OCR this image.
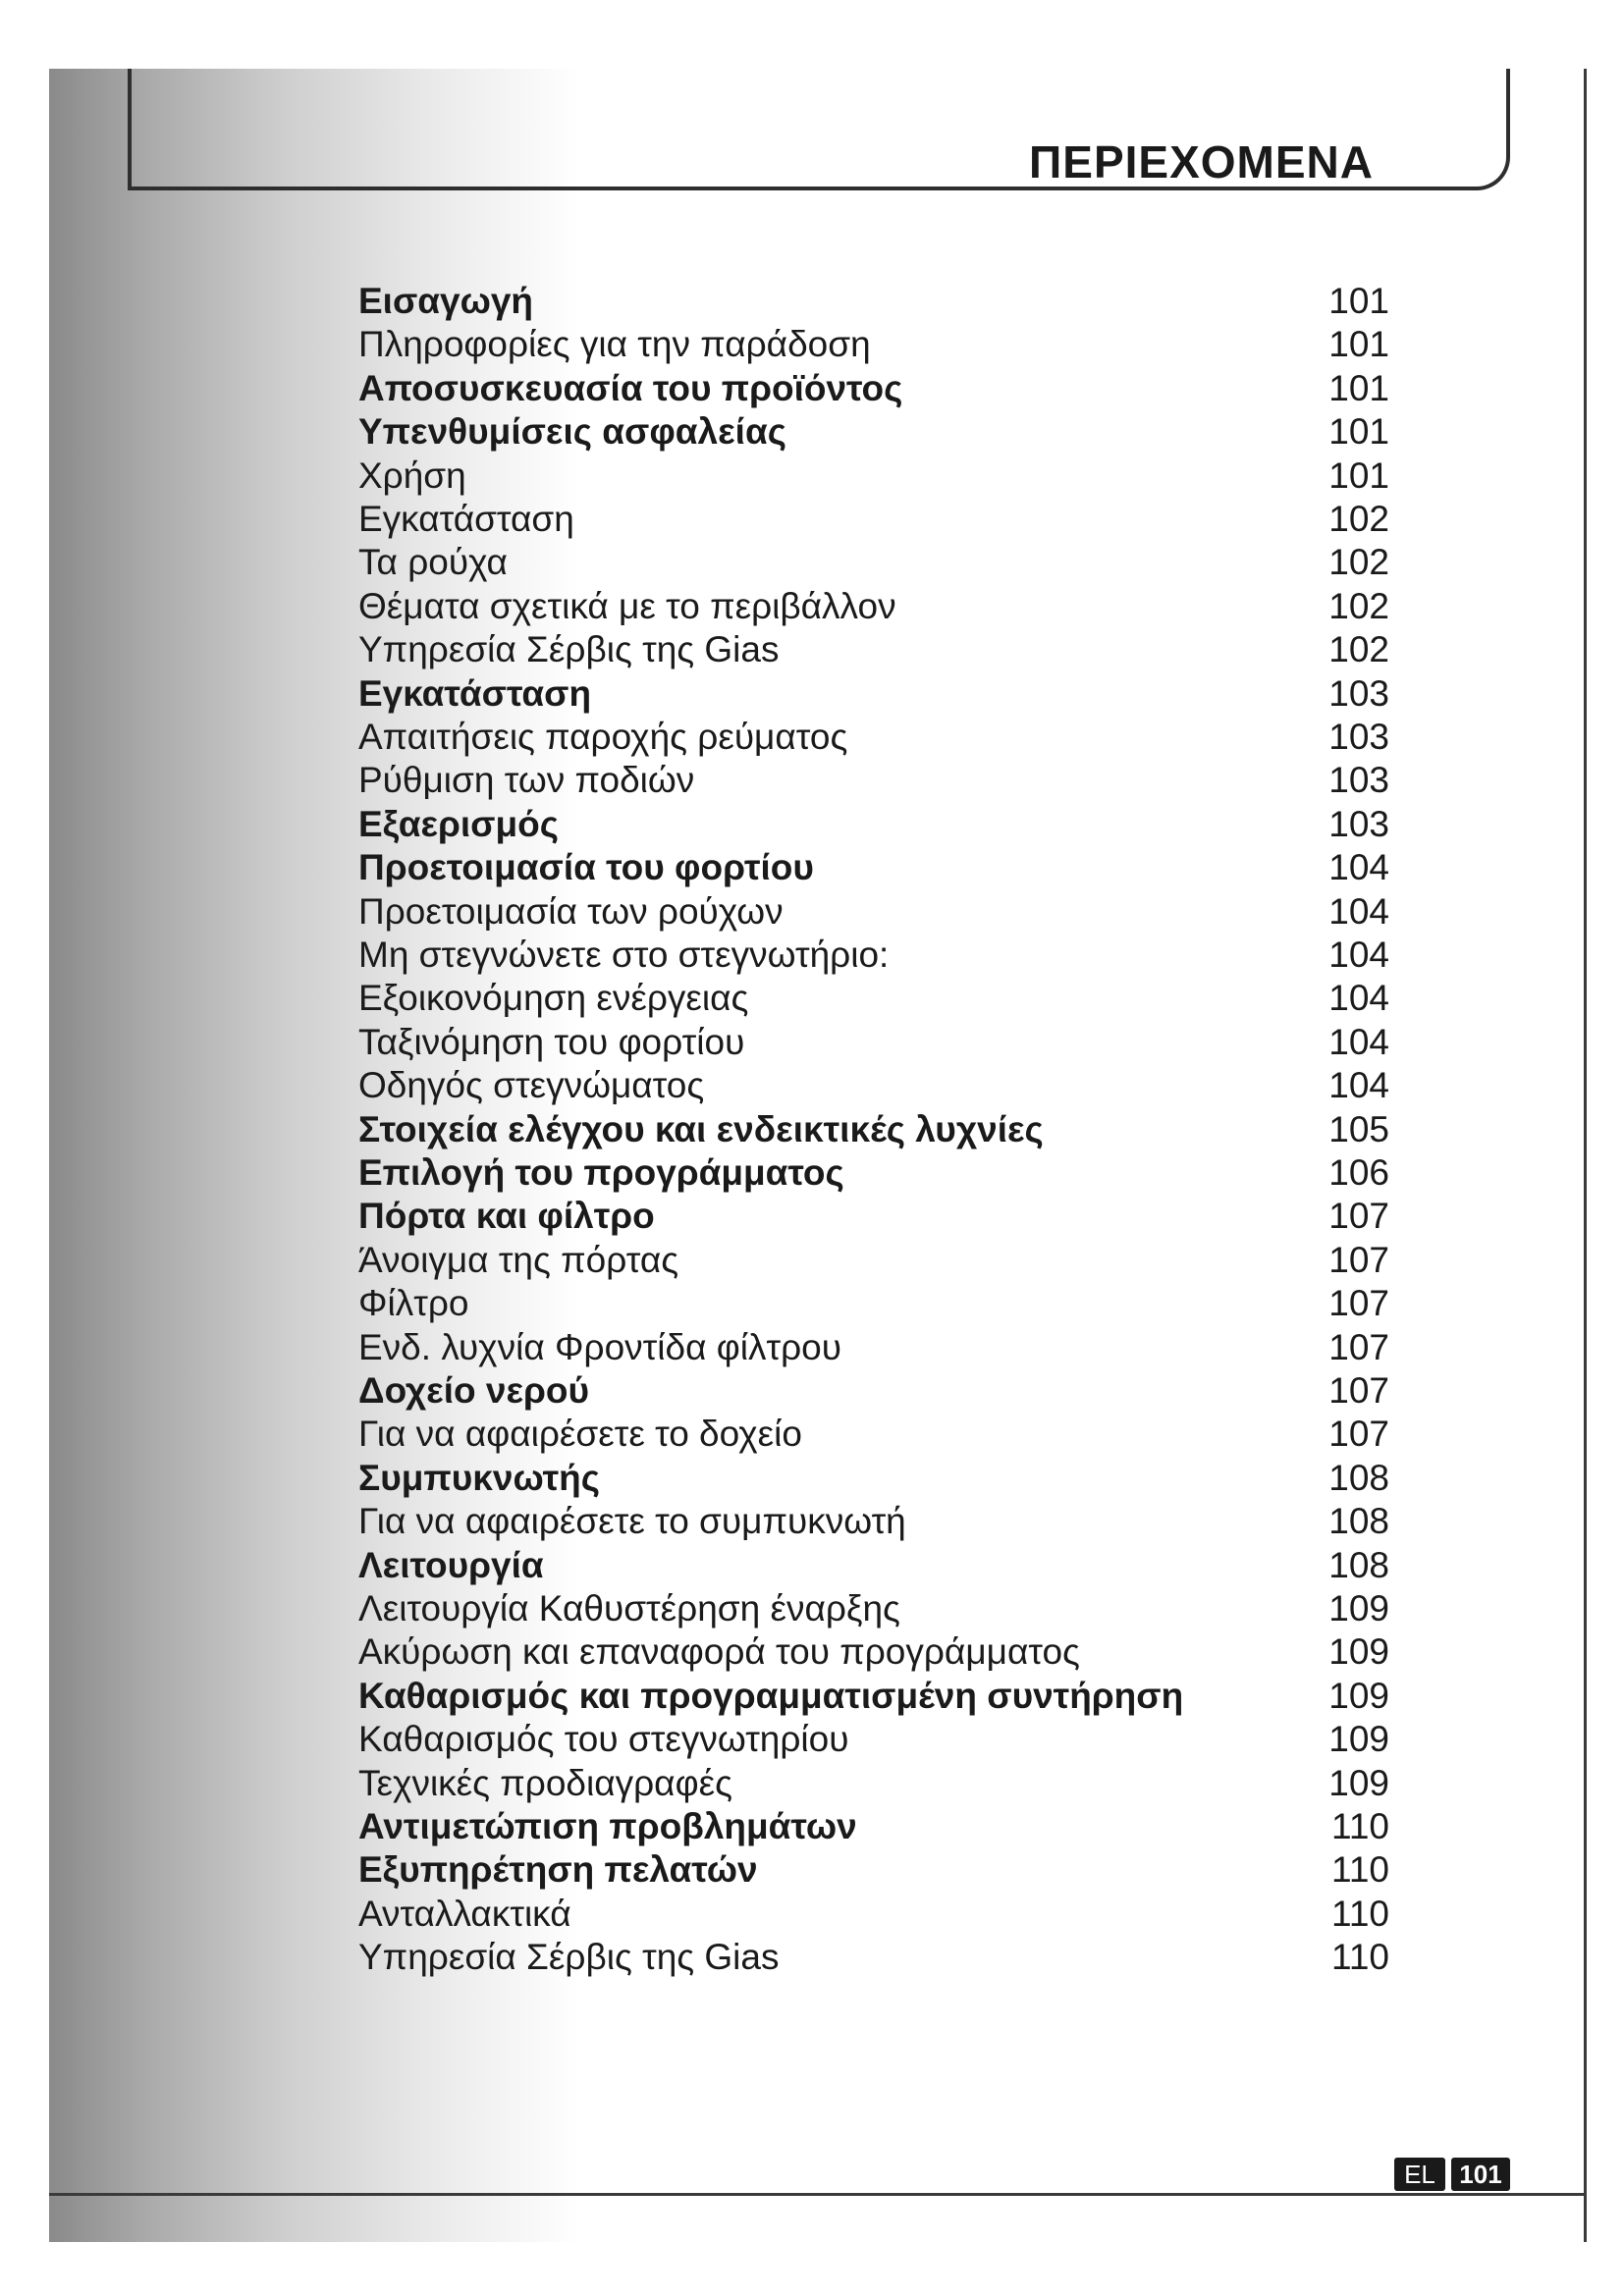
ΠΕΡΙΕΧΟΜΕΝΑ
Εισαγωγή	101
Πληροφορίες για την παράδοση	101
Αποσυσκευασία του προϊόντος	101
Υπενθυμίσεις ασφαλείας	101
Χρήση	101
Εγκατάσταση	102
Τα ρούχα	102
Θέματα σχετικά με το περιβάλλον	102
Υπηρεσία Σέρβις της Gias	102
Εγκατάσταση	103
Απαιτήσεις παροχής ρεύματος	103
Ρύθμιση των ποδιών	103
Εξαερισμός	103
Προετοιμασία του φορτίου	104
Προετοιμασία των ρούχων	104
Μη στεγνώνετε στο στεγνωτήριο:	104
Εξοικονόμηση ενέργειας	104
Ταξινόμηση του φορτίου	104
Οδηγός στεγνώματος	104
Στοιχεία ελέγχου και ενδεικτικές λυχνίες	105
Επιλογή του προγράμματος	106
Πόρτα και φίλτρο	107
Άνοιγμα της πόρτας	107
Φίλτρο	107
Ενδ. λυχνία Φροντίδα φίλτρου	107
Δοχείο νερού	107
Για να αφαιρέσετε το δοχείο	107
Συμπυκνωτής	108
Για να αφαιρέσετε το συμπυκνωτή	108
Λειτουργία	108
Λειτουργία Καθυστέρηση έναρξης	109
Ακύρωση και επαναφορά του προγράμματος	109
Καθαρισμός και προγραμματισμένη συντήρηση	109
Καθαρισμός του στεγνωτηρίου	109
Τεχνικές προδιαγραφές	109
Αντιμετώπιση προβλημάτων	110
Εξυπηρέτηση πελατών	110
Ανταλλακτικά	110
Υπηρεσία Σέρβις της Gias	110
EL 101
